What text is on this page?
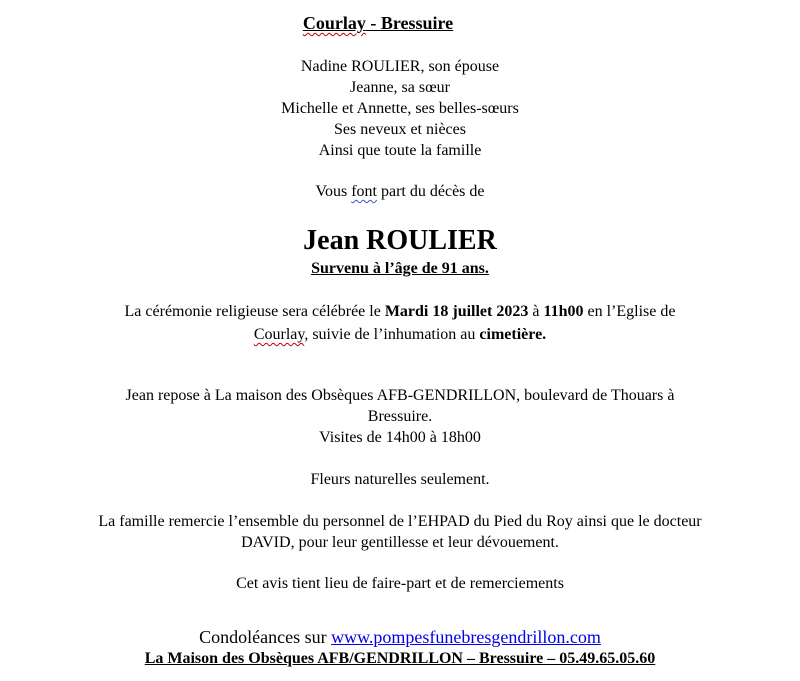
Courlay - Bressuire
Nadine ROULIER, son épouse
Jeanne, sa sœur
Michelle et Annette, ses belles-sœurs
Ses neveux et nièces
Ainsi que toute la famille
Vous font part du décès de
Jean ROULIER
Survenu à l’âge de 91 ans.
La cérémonie religieuse sera célébrée le Mardi 18 juillet 2023 à 11h00 en l’Eglise de
Courlay, suivie de l’inhumation au cimetière.
Jean repose à La maison des Obsèques AFB-GENDRILLON, boulevard de Thouars à
Bressuire.
Visites de 14h00 à 18h00
Fleurs naturelles seulement.
La famille remercie l’ensemble du personnel de l’EHPAD du Pied du Roy ainsi que le docteur
DAVID, pour leur gentillesse et leur dévouement.
Cet avis tient lieu de faire-part et de remerciements
Condoléances sur www.pompesfunebresgendrillon.com
La Maison des Obsèques AFB/GENDRILLON – Bressuire – 05.49.65.05.60
